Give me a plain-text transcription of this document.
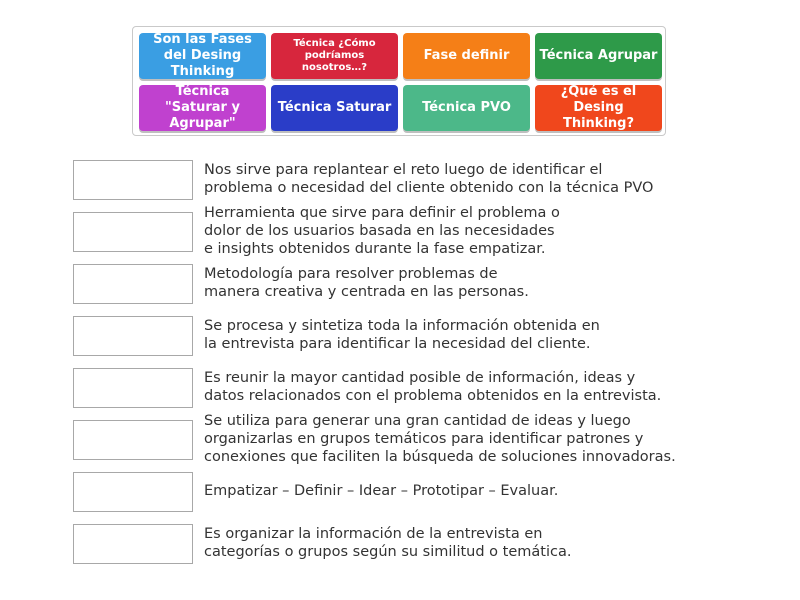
Son las Fases del Desing Thinking
Técnica ¿Cómo podríamos nosotros…?
Fase definir	Técnica Agrupar
Técnica "Saturar y Agrupar"
Técnica Saturar	Técnica PVO
¿Qué es el Desing Thinking?
Nos sirve para replantear el reto luego de identificar el
problema o necesidad del cliente obtenido con la técnica PVO
Herramienta que sirve para definir el problema o
dolor de los usuarios basada en las necesidades
e insights obtenidos durante la fase empatizar.
Metodología para resolver problemas de
manera creativa y centrada en las personas.
Se procesa y sintetiza toda la información obtenida en
la entrevista para identificar la necesidad del cliente.
Es reunir la mayor cantidad posible de información, ideas y
datos relacionados con el problema obtenidos en la entrevista.
Se utiliza para generar una gran cantidad de ideas y luego
organizarlas en grupos temáticos para identificar patrones y
conexiones que faciliten la búsqueda de soluciones innovadoras.
Empatizar – Definir – Idear – Prototipar – Evaluar.
Es organizar la información de la entrevista en
categorías o grupos según su similitud o temática.
